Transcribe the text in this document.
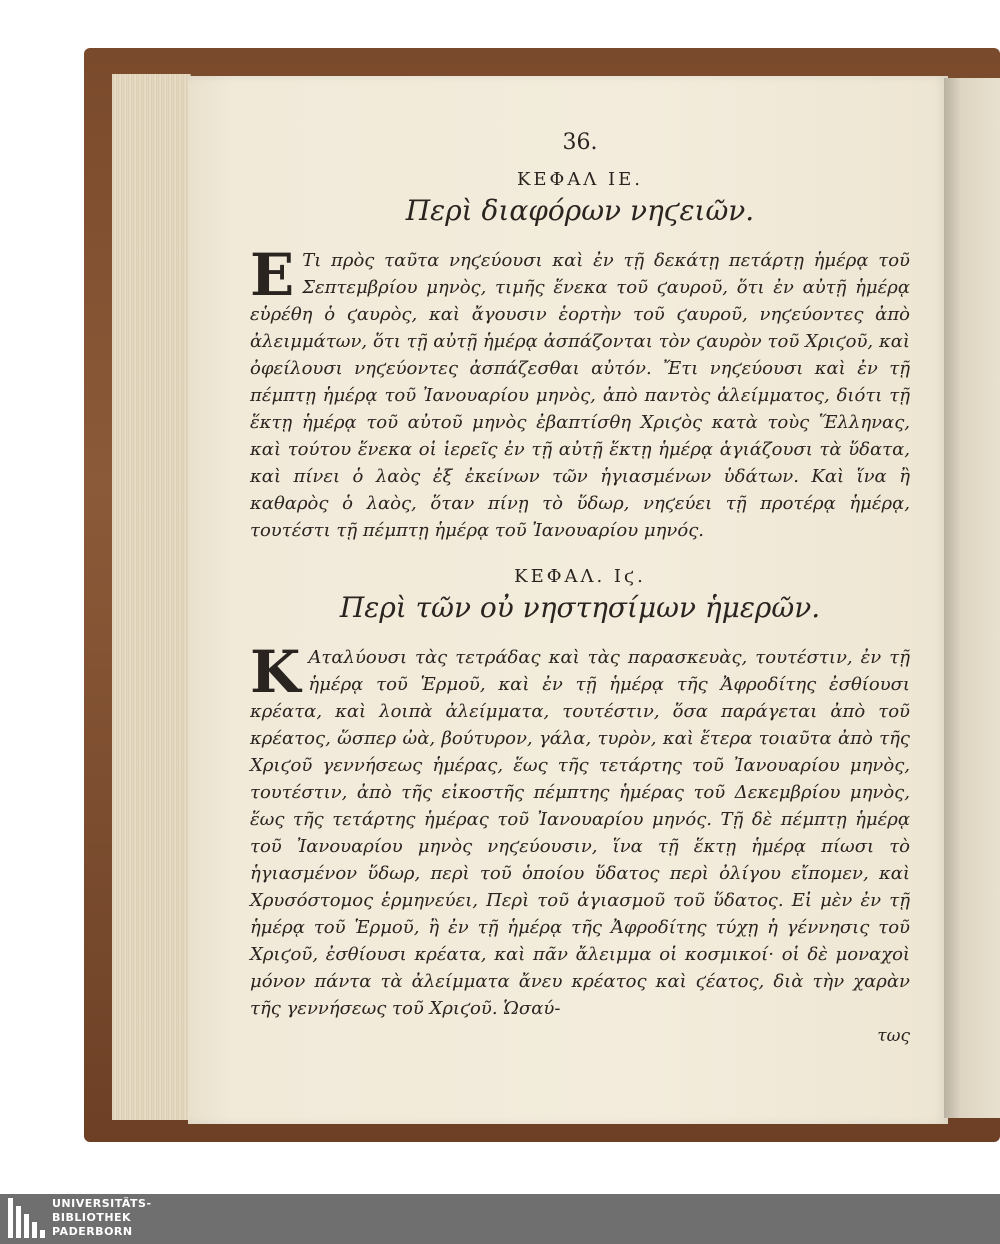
36.
ΚΕΦΑΛ ΙΕ.
Περὶ διαφόρων νηϛειῶν.

E Τι πρὸς ταῦτα νηϛεύουσι καὶ ἐν τῇ δεκάτῃ πετάρτῃ ἡμέρᾳ τοῦ Σεπτεμβρίου μηνὸς, τιμῆς ἕνεκα τοῦ ϛαυροῦ, ὅτι ἐν αὐτῇ ἡμέρᾳ εὑρέθη ὁ ϛαυρὸς, καὶ ἄγουσιν ἑορτὴν τοῦ ϛαυροῦ, νηϛεύοντες ἀπὸ ἀλειμμάτων, ὅτι τῇ αὐτῇ ἡμέρᾳ ἀσπάζονται τὸν ϛαυρὸν τοῦ Χριϛοῦ, καὶ ὀφείλουσι νηϛεύοντες ἀσπάζεσθαι αὐτόν. Ἔτι νηϛεύουσι καὶ ἐν τῇ πέμπτῃ ἡμέρᾳ τοῦ Ἰανουαρίου μηνὸς, ἀπὸ παντὸς ἀλείμματος, διότι τῇ ἕκτῃ ἡμέρᾳ τοῦ αὐτοῦ μηνὸς ἐβαπτίσθη Χριϛὸς κατὰ τοὺς Ἕλληνας, καὶ τούτου ἕνεκα οἱ ἱερεῖς ἐν τῇ αὐτῇ ἕκτῃ ἡμέρᾳ ἁγιάζουσι τὰ ὕδατα, καὶ πίνει ὁ λαὸς ἐξ ἐκείνων τῶν ἡγιασμένων ὑδάτων. Καὶ ἵνα ἢ καθαρὸς ὁ λαὸς, ὅταν πίνῃ τὸ ὕδωρ, νηϛεύει τῇ προτέρᾳ ἡμέρᾳ, τουτέστι τῇ πέμπτῃ ἡμέρᾳ τοῦ Ἰανουαρίου μηνός.

ΚΕΦΑΛ. Ιϛ.
Περὶ τῶν οὐ νηστησίμων ἡμερῶν.

K Αταλύουσι τὰς τετράδας καὶ τὰς παρασκευὰς, τουτέστιν, ἐν τῇ ἡμέρᾳ τοῦ Ἑρμοῦ, καὶ ἐν τῇ ἡμέρᾳ τῆς Ἀφροδίτης ἐσθίουσι κρέατα, καὶ λοιπὰ ἀλείμματα, τουτέστιν, ὅσα παράγεται ἀπὸ τοῦ κρέατος, ὥσπερ ὠὰ, βούτυρον, γάλα, τυρὸν, καὶ ἕτερα τοιαῦτα ἀπὸ τῆς Χριϛοῦ γεννήσεως ἡμέρας, ἕως τῆς τετάρτης τοῦ Ἰανουαρίου μηνὸς, τουτέστιν, ἀπὸ τῆς εἰκοστῆς πέμπτης ἡμέρας τοῦ Δεκεμβρίου μηνὸς, ἕως τῆς τετάρτης ἡμέρας τοῦ Ἰανουαρίου μηνός. Τῇ δὲ πέμπτῃ ἡμέρᾳ τοῦ Ἰανουαρίου μηνὸς νηϛεύουσιν, ἵνα τῇ ἕκτῃ ἡμέρᾳ πίωσι τὸ ἡγιασμένον ὕδωρ, περὶ τοῦ ὁποίου ὕδατος περὶ ὀλίγου εἴπομεν, καὶ Χρυσόστομος ἑρμηνεύει, Περὶ τοῦ ἁγιασμοῦ τοῦ ὕδατος. Εἰ μὲν ἐν τῇ ἡμέρᾳ τοῦ Ἑρμοῦ, ἢ ἐν τῇ ἡμέρᾳ τῆς Ἀφροδίτης τύχῃ ἡ γέννησις τοῦ Χριϛοῦ, ἐσθίουσι κρέατα, καὶ πᾶν ἄλειμμα οἱ κοσμικοί· οἱ δὲ μοναχοὶ μόνον πάντα τὰ ἀλείμματα ἄνευ κρέατος καὶ ϛέατος, διὰ τὴν χαρὰν τῆς γεννήσεως τοῦ Χριϛοῦ. Ὡσαύ-

τως
UNIVERSITÄTS-
BIBLIOTHEK
PADERBORN
